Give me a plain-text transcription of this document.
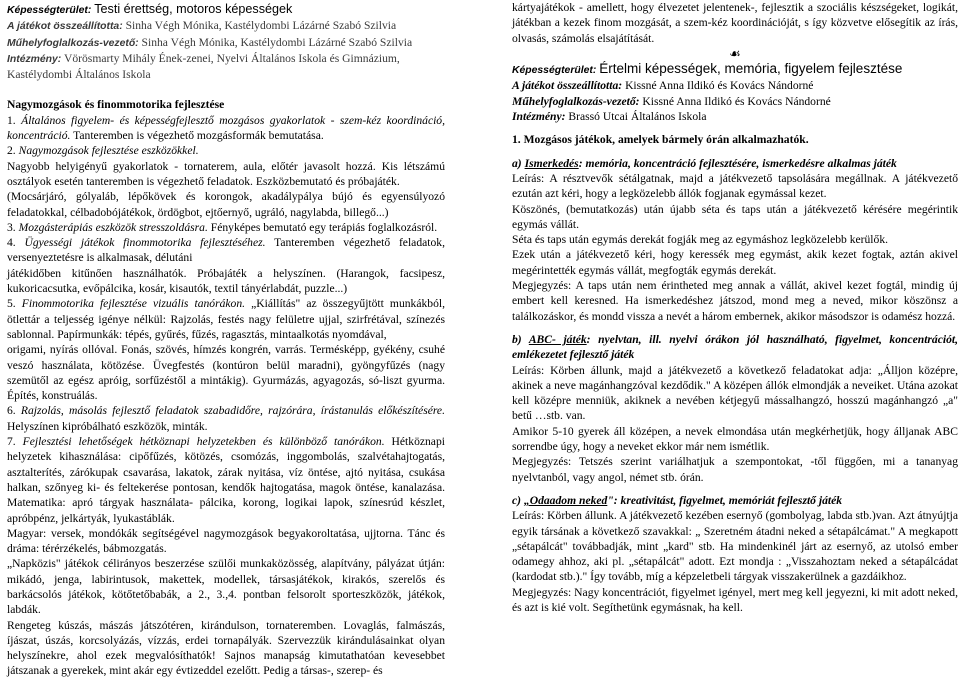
Képességterület: Testi érettség, motoros képességek
A játékot összeállította: Sinha Végh Mónika, Kastélydombi Lázárné Szabó Szilvia
Műhelyfoglalkozás-vezető: Sinha Végh Mónika, Kastélydombi Lázárné Szabó Szilvia
Intézmény: Vörösmarty Mihály Ének-zenei, Nyelvi Általános Iskola és Gimnázium,
Kastélydombi Általános Iskola
Nagymozgások és finommotorika fejlesztése
1. Általános figyelem- és képességfejlesztő mozgásos gyakorlatok - szem-kéz koordináció, koncentráció. Tanteremben is végezhető mozgásformák bemutatása.
2. Nagymozgások fejlesztése eszközökkel.
Nagyobb helyigényű gyakorlatok - tornaterem, aula, előtér javasolt hozzá. Kis létszámú osztályok esetén tanteremben is végezhető feladatok. Eszközbemutató és próbajáték.
(Mocsárjáró, gólyaláb, lépőkövek és korongok, akadálypálya bújó és egyensúlyozó feladatokkal, célbadobójátékok, ördögbot, ejtőernyő, ugráló, nagylabda, billegő...)
3. Mozgásterápiás eszközök stresszoldásra. Fényképes bemutató egy terápiás foglalkozásról.
4. Ügyességi játékok finommotorika fejlesztéséhez. Tanteremben végezhető feladatok, versenyeztetésre is alkalmasak, délutáni
játékidőben kitűnően használhatók. Próbajáték a helyszínen. (Harangok, facsipesz, kukoricacsutka, evőpálcika, kosár, kisautók, textil tányérlabdát, puzzle...)
5. Finommotorika fejlesztése vizuális tanórákon. „Kiállítás" az összegyűjtött munkákból, ötlettár a teljesség igénye nélkül: Rajzolás, festés nagy felületre ujjal, szirfrétával, színezés sablonnal. Papírmunkák: tépés, gyűrés, fűzés, ragasztás, mintaalkotás nyomdával,
origami, nyírás ollóval. Fonás, szövés, hímzés kongrén, varrás. Termésképp, gyékény, csuhé veszó használata, kötözése. Üvegfestés (kontúron belül maradni), gyöngyfűzés (nagy szemütől az egész apróig, sorfűzéstől a mintákig). Gyurmázás, agyagozás, só-liszt gyurma. Építés, konstruálás.
6. Rajzolás, másolás fejlesztő feladatok szabadidőre, rajzórára, írástanulás előkészítésére. Helyszínen kipróbálható eszközök, minták.
7. Fejlesztési lehetőségek hétköznapi helyzetekben és különböző tanórákon. Hétköznapi helyzetek kihasználása: cipőfűzés, kötözés, csomózás, inggombolás, szalvétahajtogatás, asztalterítés, zárókupak csavarása, lakatok, zárak nyitása, víz öntése, ajtó nyitása, csukása halkan, szőnyeg ki- és feltekerése pontosan, kendők hajtogatása, magok öntése, kanalazása. Matematika: apró tárgyak használata- pálcika, korong, logikai lapok, színesrúd készlet, apróbpénz, jelkártyák, lyukastáblák.
Magyar: versek, mondókák segítségével nagymozgások begyakoroltatása, ujjtorna. Tánc és dráma: térérzékelés, bábmozgatás.
„Napközis" játékok célirányos beszerzése szülői munkaközösség, alapítvány, pályázat útján: mikádó, jenga, labirintusok, makettek, modellek, társasjátékok, kirakós, szerelős és barkácsolós játékok, kötőtetőbabák, a 2., 3.,4. pontban felsorolt sporteszközök, játékok, labdák.
Rengeteg kúszás, mászás játszótéren, kirándulson, tornateremben. Lovaglás, falmászás, íjászat, úszás, korcsolyázás, vízzás, erdei tornapályák. Szervezzük kirándulásainkat olyan helyszínekre, ahol ezek megvalósíthatók! Sajnos manapság kimutathatóan kevesebbet játszanak a gyerekek, mint akár egy évtizeddel ezelőtt. Pedig a társas-, szerep- és
kártyajátékok - amellett, hogy élvezetet jelentenek-, fejlesztik a szociális készségeket, logikát, játékban a kezek finom mozgását, a szem-kéz koordinációját, s így közvetve elősegítik az írás, olvasás, számolás elsajátítását.
☙
Képességterület: Értelmi képességek, memória, figyelem fejlesztése
A játékot összeállította: Kissné Anna Ildikó és Kovács Nándorné
Műhelyfoglalkozás-vezető: Kissné Anna Ildikó és Kovács Nándorné
Intézmény: Brassó Utcai Általános Iskola
1. Mozgásos játékok, amelyek bármely órán alkalmazhatók.
a) Ismerkedés: memória, koncentráció fejlesztésére, ismerkedésre alkalmas játék
Leírás: A résztvevők sétálgatnak, majd a játékvezető tapsolására megállnak. A játékvezető ezután azt kéri, hogy a legközelebb állók fogjanak egymással kezet.
Köszönés, (bemutatkozás) után újabb séta és taps után a játékvezető kérésére megérintik egymás vállát.
Séta és taps után egymás derekát fogják meg az egymáshoz legközelebb kerülők.
Ezek után a játékvezető kéri, hogy keressék meg egymást, akik kezet fogtak, aztán akivel megérintették egymás vállát, megfogták egymás derekát.
Megjegyzés: A taps után nem érintheted meg annak a vállát, akivel kezet fogtál, mindig új embert kell keresned. Ha ismerkedéshez játszod, mond meg a neved, mikor köszönsz a találkozáskor, és mondd vissza a nevét a három embernek, akikor másodszor is odamész hozzá.
b) ABC- játék: nyelvtan, ill. nyelvi órákon jól használható, figyelmet, koncentrációt, emlékezetet fejlesztő játék
Leírás: Körben állunk, majd a játékvezető a következő feladatokat adja: „Álljon középre, akinek a neve magánhangzóval kezdődik." A középen állók elmondják a neveiket. Utána azokat kell középre menniük, akiknek a nevében kétjegyű mássalhangzó, hosszú magánhangzó „a" betű …stb. van.
Amikor 5-10 gyerek áll középen, a nevek elmondása után megkérhetjük, hogy álljanak ABC sorrendbe úgy, hogy a neveket ekkor már nem ismétlik.
Megjegyzés: Tetszés szerint variálhatjuk a szempontokat, -től függően, mi a tananyag nyelvtanból, vagy angol, német stb. órán.
c) „Odaadom neked": kreativitást, figyelmet, memóriát fejlesztő játék
Leírás: Körben állunk. A játékvezető kezében esernyő (gombolyag, labda stb.)van. Azt átnyújtja egyik társának a következő szavakkal: „ Szeretném átadni neked a sétapálcámat." A megkapott „sétapálcát" továbbadják, mint „kard" stb. Ha mindenkinél járt az esernyő, az utolsó ember odamegy ahhoz, aki pl. „sétapálcát" adott. Ezt mondja : „Visszahoztam neked a sétapálcádat (kardodat stb.)." Így tovább, míg a képzeletbeli tárgyak visszakerülnek a gazdáikhoz.
Megjegyzés: Nagy koncentrációt, figyelmet igényel, mert meg kell jegyezni, ki mit adott neked, és azt is kié volt. Segíthetünk egymásnak, ha kell.
